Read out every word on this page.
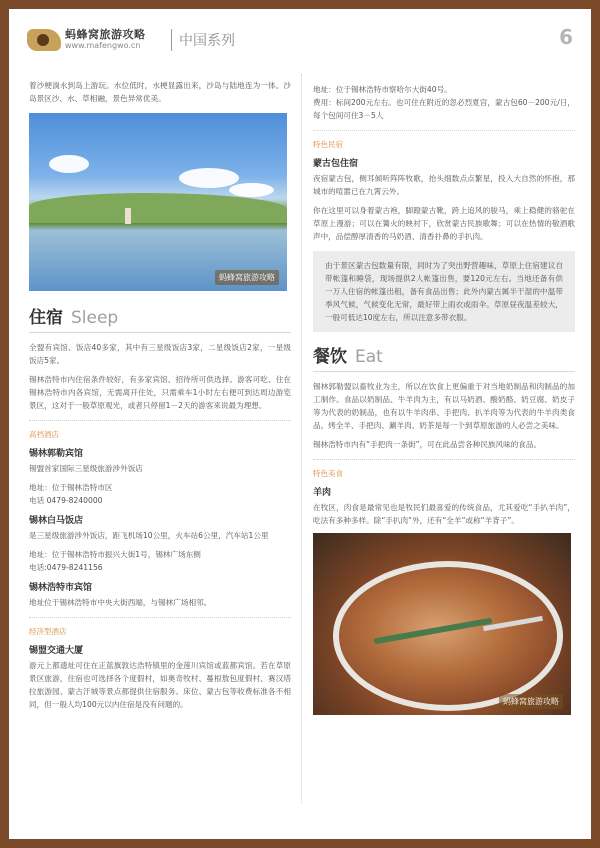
蚂蜂窝旅游攻略
www.mafengwo.cn	中国系列	6

着沙梗淌水到岛上游玩。水位低时，水梗显露出来，沙岛与陆地连为一体。沙岛景区沙、水、草相融，景色异常优美。

蚂蜂窝旅游攻略
住宿 Sleep

全盟有宾馆、饭店40多家，其中有三星级饭店3家，二星级饭店2家，一星级饭店5家。

锡林浩特市内住宿条件较好，有多家宾馆、招待所可供选择。游客可吃、住在锡林浩特市内各宾馆，无需离开住处，只需乘车1小时左右便可到达周边游览景区，这对于一般草原观光，或者只停留1－2天的游客来说最为理想。

高档酒店
锡林郭勒宾馆

锡盟首家国际三星级旅游涉外饭店

地址：位于锡林浩特市区

电话 0479-8240000

锡林白马饭店

是三星级旅游涉外饭店，距飞机场10公里，火车站6公里，汽车站1公里

地址：位于锡林浩特市振兴大街1号，锡林广场东侧

电话:0479-8241156

锡林浩特市宾馆

地址位于锡林浩特市中央大街西端，与锡林广场相邻。

经济型酒店
锡盟交通大厦

游元上都遗址可住在正蓝旗敦达浩特镇里的金莲川宾馆或蓝都宾馆。若在草原景区旅游，住宿也可选择各个度假村，如奥奇牧村、蔓根敖包度假村、赛汉塔拉旅游园、蒙古汗城等景点都提供住宿服务。床位、蒙古包等收费标准各不相同，但一般人均100元以内住宿是没有问题的。

地址：位于锡林浩特市察哈尔大街40号。

费用：标间200元左右。也可住在附近的忽必烈夏宫，蒙古包60－200元/日，每个包间可住3－5人

特色民宿
蒙古包住宿

夜宿蒙古包，侧耳倾听阵阵牧歌，抬头细数点点繁星，投入大自然的怀抱，那城市的喧嚣已在九霄云外。

你在这里可以身着蒙古袍，脚蹬蒙古靴，跨上追风的骏马，乘上稳健的骆驼在草原上漫游；可以在篝火的映衬下，欣赏蒙古民族歌舞；可以在热情的敬酒歌声中，品偿醇厚清香的马奶酒、清香扑鼻的手扒肉。

由于景区蒙古包数量有限，同时为了突出野营趣味，草原上住宿建议自带帐篷和睡袋，现场提供2人帐篷出售，要120元左右。当地还备有供一万人住宿的帐篷出租，备有食品出售；此外内蒙古属半干湿的中温带季风气候，气候变化无常，最好带上雨衣或雨伞。草原昼夜温差较大，一般可低达10度左右，所以注意多带衣服。

餐饮 Eat

锡林郭勒盟以畜牧业为主，所以在饮食上更偏重于对当地奶制品和肉制品的加工制作。食品以奶制品、牛羊肉为主，有以马奶酒、酸奶酪、奶豆腐、奶皮子等为代表的奶制品，也有以牛羊肉串、手把肉、扒羊肉等为代表的牛羊肉类食品。烤全羊、手把肉、涮羊肉、奶茶是每一个到草原旅游的人必尝之美味。

锡林浩特市内有“手把肉一条街”，可在此品尝各种民族风味的食品。

特色美食
羊肉

在牧区，肉食是最常见也是牧民们最喜爱的传统食品，尤其爱吃“手扒羊肉”，吃法有多种多样。除“手扒肉”外，还有“全羊”或称“羊背子”。

蚂蜂窝旅游攻略
